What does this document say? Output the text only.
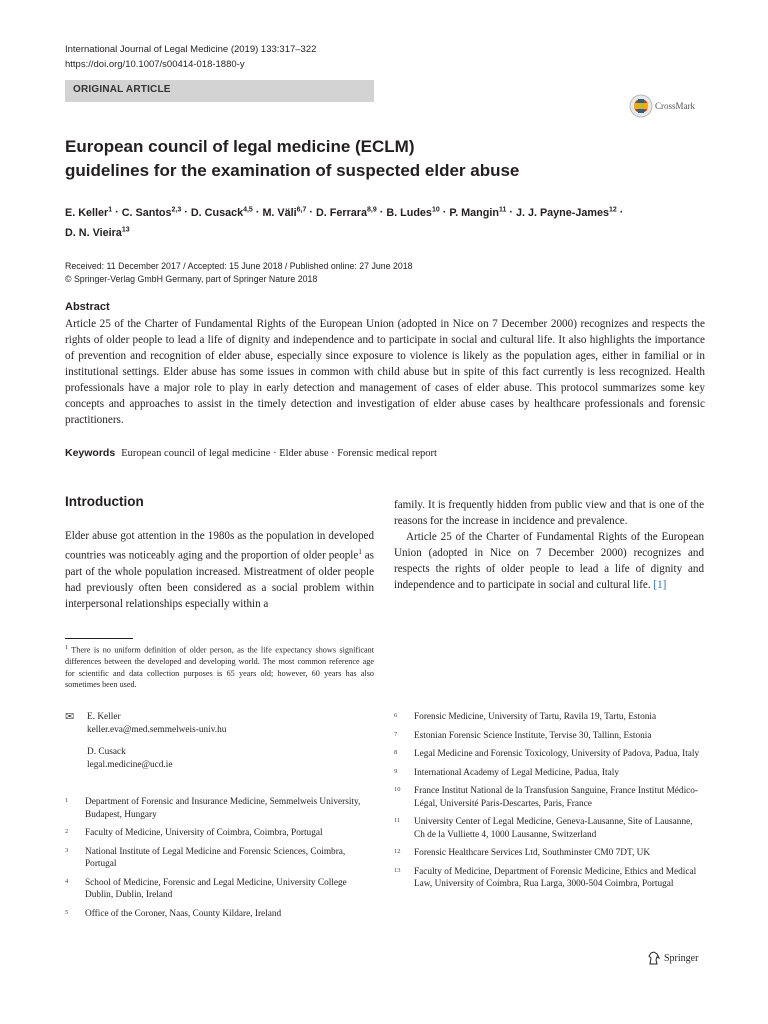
International Journal of Legal Medicine (2019) 133:317–322
https://doi.org/10.1007/s00414-018-1880-y
ORIGINAL ARTICLE
CrossMark
European council of legal medicine (ECLM)
guidelines for the examination of suspected elder abuse
E. Keller$^1$ · C. Santos$^{2,3}$ · D. Cusack$^{4,5}$ · M. Väli$^{6,7}$ · D. Ferrara$^{8,9}$ · B. Ludes$^{10}$ · P. Mangin$^{11}$ · J. J. Payne-James$^{12}$ ·
D. N. Vieira$^{13}$
Received: 11 December 2017 / Accepted: 15 June 2018 / Published online: 27 June 2018
© Springer-Verlag GmbH Germany, part of Springer Nature 2018
Abstract
Article 25 of the Charter of Fundamental Rights of the European Union (adopted in Nice on 7 December 2000) recognizes and respects the rights of older people to lead a life of dignity and independence and to participate in social and cultural life. It also highlights the importance of prevention and recognition of elder abuse, especially since exposure to violence is likely as the population ages, either in familial or in institutional settings. Elder abuse has some issues in common with child abuse but in spite of this fact currently is less recognized. Health professionals have a major role to play in early detection and management of cases of elder abuse. This protocol summarizes some key concepts and approaches to assist in the timely detection and investigation of elder abuse cases by healthcare professionals and forensic practitioners.
Keywords European council of legal medicine · Elder abuse · Forensic medical report
Introduction

Elder abuse got attention in the 1980s as the population in developed countries was noticeably aging and the proportion of older people$^1$ as part of the whole population increased. Mistreatment of older people had previously often been considered as a social problem within interpersonal relationships especially within a

family. It is frequently hidden from public view and that is one of the reasons for the increase in incidence and prevalence.

Article 25 of the Charter of Fundamental Rights of the European Union (adopted in Nice on 7 December 2000) recognizes and respects the rights of older people to lead a life of dignity and independence and to participate in social and cultural life. [1]

$^1$ There is no uniform definition of older person, as the life expectancy shows significant differences between the developed and developing world. The most common reference age for scientific and data collection purposes is 65 years old; however, 60 years has also sometimes been used.
✉	E. Keller
keller.eva@med.semmelweis-univ.hu
D. Cusack
legal.medicine@ucd.ie
1	Department of Forensic and Insurance Medicine, Semmelweis University, Budapest, Hungary
2	Faculty of Medicine, University of Coimbra, Coimbra, Portugal
3	National Institute of Legal Medicine and Forensic Sciences, Coimbra, Portugal
4	School of Medicine, Forensic and Legal Medicine, University College Dublin, Dublin, Ireland
5	Office of the Coroner, Naas, County Kildare, Ireland
6	Forensic Medicine, University of Tartu, Ravila 19, Tartu, Estonia
7	Estonian Forensic Science Institute, Tervise 30, Tallinn, Estonia
8	Legal Medicine and Forensic Toxicology, University of Padova, Padua, Italy
9	International Academy of Legal Medicine, Padua, Italy
10	France Institut National de la Transfusion Sanguine, France Institut Médico-Légal, Université Paris-Descartes, Paris, France
11	University Center of Legal Medicine, Geneva-Lausanne, Site of Lausanne, Ch de la Vulliette 4, 1000 Lausanne, Switzerland
12	Forensic Healthcare Services Ltd, Southminster CM0 7DT, UK
13	Faculty of Medicine, Department of Forensic Medicine, Ethics and Medical Law, University of Coimbra, Rua Larga, 3000-504 Coimbra, Portugal
Springer
